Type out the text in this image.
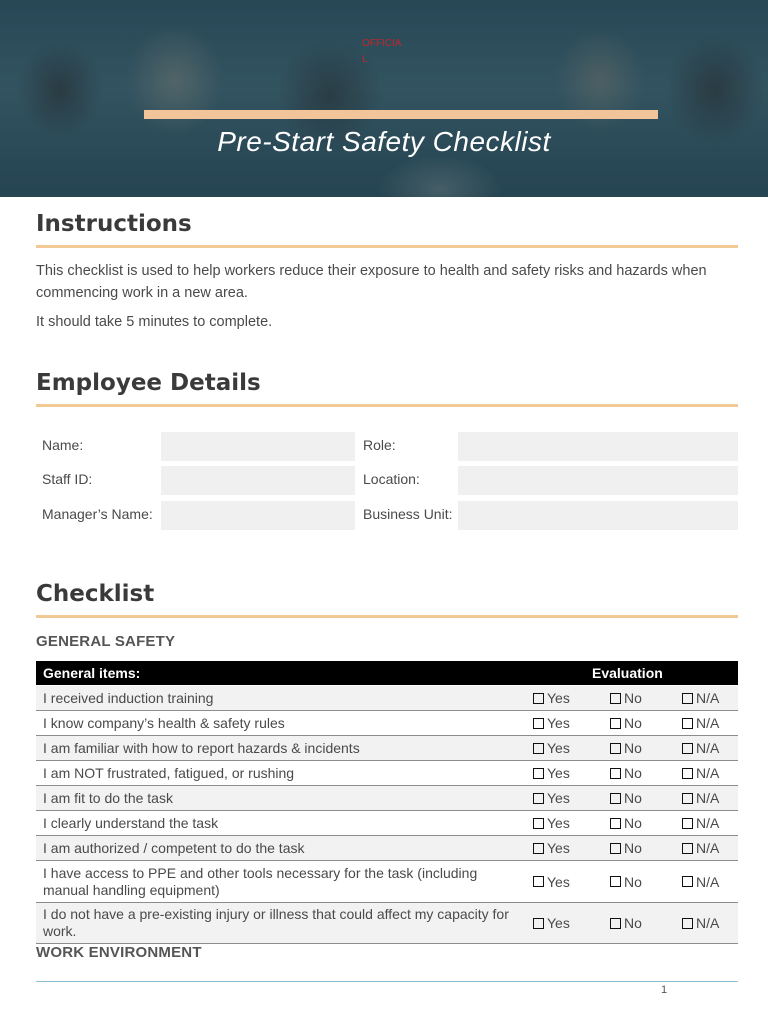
OFFICIAL
Pre-Start Safety Checklist
Instructions
This checklist is used to help workers reduce their exposure to health and safety risks and hazards when commencing work in a new area.
It should take 5 minutes to complete.
Employee Details
Name:	Role:
Staff ID:	Location:
Manager’s Name:	Business Unit:
Checklist
GENERAL SAFETY
General items:	Evaluation
I received induction training	Yes	No	N/A
I know company’s health & safety rules	Yes	No	N/A
I am familiar with how to report hazards & incidents	Yes	No	N/A
I am NOT frustrated, fatigued, or rushing	Yes	No	N/A
I am fit to do the task	Yes	No	N/A
I clearly understand the task	Yes	No	N/A
I am authorized / competent to do the task	Yes	No	N/A
I have access to PPE and other tools necessary for the task (including manual handling equipment)	Yes	No	N/A
I do not have a pre-existing injury or illness that could affect my capacity for work.	Yes	No	N/A
WORK ENVIRONMENT
1
